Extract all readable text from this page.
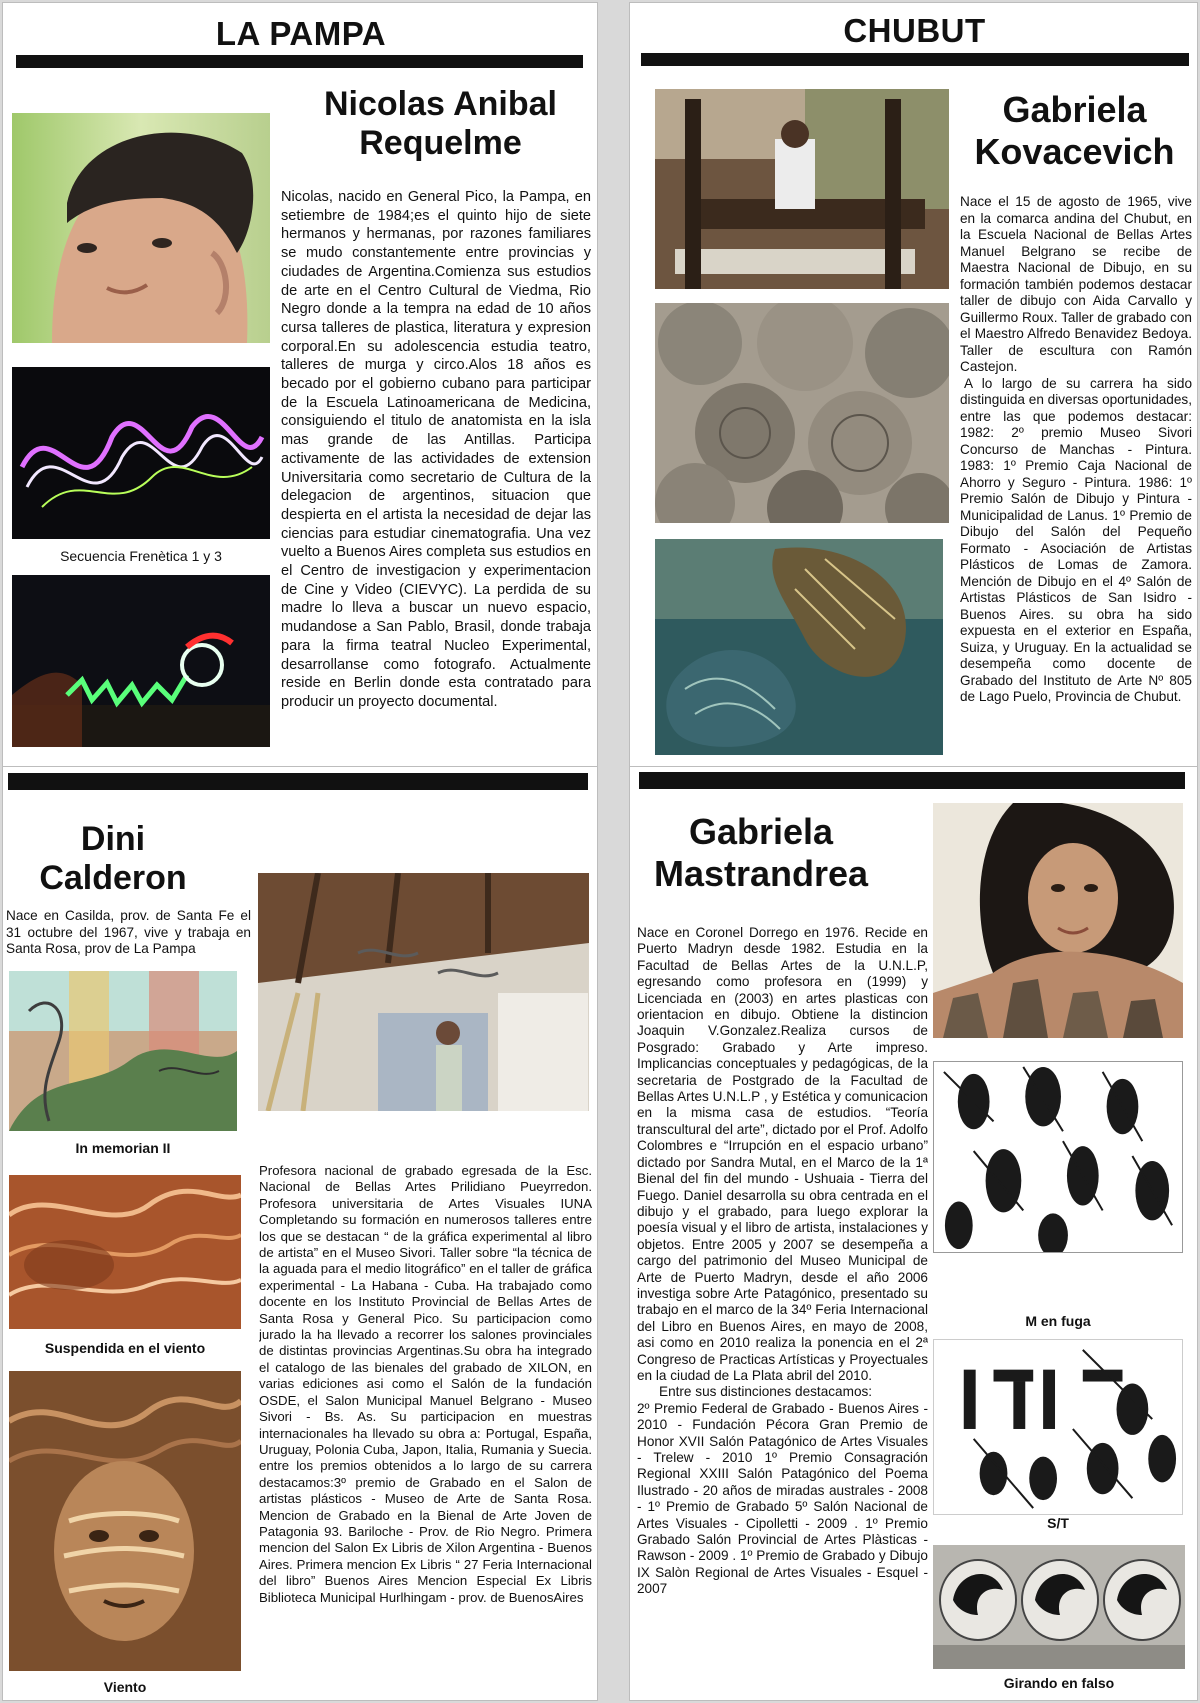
LA PAMPA
Nicolas Anibal
Requelme
Nicolas, nacido en General Pico, la Pampa, en setiembre de 1984;es el quinto hijo de siete hermanos y hermanas, por razones familiares se mudo constantemente entre provincias y ciudades de Argentina.Comienza sus estudios de arte en el Centro Cultural de Viedma, Rio Negro donde a la tempra na edad de 10 años cursa talleres de plastica, literatura y expresion corporal.En su adolescencia estudia teatro, talleres de murga y circo.Alos 18 años es becado por el gobierno cubano para participar de la Escuela Latinoamericana de Medicina, consiguiendo el titulo de anatomista en la isla mas grande de las Antillas. Participa activamente de las actividades de extension Universitaria como secretario de Cultura de la delegacion de argentinos, situacion que despierta en el artista la necesidad de dejar las ciencias para estudiar cinematografia. Una vez vuelto a Buenos Aires completa sus estudios en el Centro de investigacion y experimentacion de Cine y Video (CIEVYC). La perdida de su madre lo lleva a buscar un nuevo espacio, mudandose a San Pablo, Brasil, donde trabaja para la firma teatral Nucleo Experimental, desarrollanse como fotografo. Actualmente reside en Berlin donde esta contratado para producir un proyecto documental.
Secuencia Frenètica 1 y 3
CHUBUT
Gabriela
Kovacevich

Nace el 15 de agosto de 1965, vive en la comarca andina del Chubut, en la Escuela Nacional de Bellas Artes Manuel Belgrano se recibe de Maestra Nacional de Dibujo, en su formación también podemos destacar taller de dibujo con Aida Carvallo y Guillermo Roux. Taller de grabado con el Maestro Alfredo Benavidez Bedoya. Taller de escultura con Ramón Castejon.

A lo largo de su carrera ha sido distinguida en diversas oportunidades, entre las que podemos destacar: 1982: 2º premio Museo Sivori Concurso de Manchas - Pintura. 1983: 1º Premio Caja Nacional de Ahorro y Seguro - Pintura. 1986: 1º Premio Salón de Dibujo y Pintura - Municipalidad de Lanus. 1º Premio de Dibujo del Salón del Pequeño Formato - Asociación de Artistas Plásticos de Lomas de Zamora. Mención de Dibujo en el 4º Salón de Artistas Plásticos de San Isidro - Buenos Aires. su obra ha sido expuesta en el exterior en España, Suiza, y Uruguay. En la actualidad se desempeña como docente de Grabado del Instituto de Arte Nº 805 de Lago Puelo, Provincia de Chubut.

Dini
Calderon
Nace en Casilda, prov. de Santa Fe el 31 octubre del 1967, vive y trabaja en Santa Rosa, prov de La Pampa
In memorian II
Suspendida en el viento
Viento
Profesora nacional de grabado egresada de la Esc. Nacional de Bellas Artes Prilidiano Pueyrredon. Profesora universitaria de Artes Visuales IUNA Completando su formación en numerosos talleres entre los que se destacan “ de la gráfica experimental al libro de artista” en el Museo Sivori. Taller sobre “la técnica de la aguada para el medio litográfico” en el taller de gráfica experimental - La Habana - Cuba. Ha trabajado como docente en los Instituto Provincial de Bellas Artes de Santa Rosa y General Pico. Su participacion como jurado la ha llevado a recorrer los salones provinciales de distintas provincias Argentinas.Su obra ha integrado el catalogo de las bienales del grabado de XILON, en varias ediciones asi como el Salón de la fundación OSDE, el Salon Municipal Manuel Belgrano - Museo Sivori - Bs. As. Su participacion en muestras internacionales ha llevado su obra a: Portugal, España, Uruguay, Polonia Cuba, Japon, Italia, Rumania y Suecia. entre los premios obtenidos a lo largo de su carrera destacamos:3º premio de Grabado en el Salon de artistas plásticos - Museo de Arte de Santa Rosa. Mencion de Grabado en la Bienal de Arte Joven de Patagonia 93. Bariloche - Prov. de Rio Negro. Primera mencion del Salon Ex Libris de Xilon Argentina - Buenos Aires. Primera mencion Ex Libris “ 27 Feria Internacional del libro” Buenos Aires Mencion Especial Ex Libris Biblioteca Municipal Hurlhingam - prov. de BuenosAires
Gabriela
Mastrandrea

Nace en Coronel Dorrego en 1976. Recide en Puerto Madryn desde 1982. Estudia en la Facultad de Bellas Artes de la U.N.L.P, egresando como profesora en (1999) y Licenciada en (2003) en artes plasticas con orientacion en dibujo. Obtiene la distincion Joaquin V.Gonzalez.Realiza cursos de Posgrado: Grabado y Arte impreso. Implicancias conceptuales y pedagógicas, de la secretaria de Postgrado de la Facultad de Bellas Artes U.N.L.P , y Estética y comunicacion en la misma casa de estudios. “Teoría transcultural del arte”, dictado por el Prof. Adolfo Colombres e “Irrupción en el espacio urbano” dictado por Sandra Mutal, en el Marco de la 1ª Bienal del fin del mundo - Ushuaia - Tierra del Fuego. Daniel desarrolla su obra centrada en el dibujo y el grabado, para luego explorar la poesía visual y el libro de artista, instalaciones y objetos. Entre 2005 y 2007 se desempeña a cargo del patrimonio del Museo Municipal de Arte de Puerto Madryn, desde el año 2006 investiga sobre Arte Patagónico, presentado su trabajo en el marco de la 34º Feria Internacional del Libro en Buenos Aires, en mayo de 2008, asi como en 2010 realiza la ponencia en el 2ª Congreso de Practicas Artísticas y Proyectuales en la ciudad de La Plata abril del 2010.

Entre sus distinciones destacamos:

2º Premio Federal de Grabado - Buenos Aires - 2010 - Fundación Pécora Gran Premio de Honor XVII Salón Patagónico de Artes Visuales - Trelew - 2010 1º Premio Consagración Regional XXIII Salón Patagónico del Poema Ilustrado - 20 años de miradas australes - 2008 - 1º Premio de Grabado 5º Salón Nacional de Artes Visuales - Cipolletti - 2009 . 1º Premio Grabado Salón Provincial de Artes Plàsticas - Rawson - 2009 . 1º Premio de Grabado y Dibujo IX Salòn Regional de Artes Visuales - Esquel - 2007

M en fuga
S/T
Girando en falso
